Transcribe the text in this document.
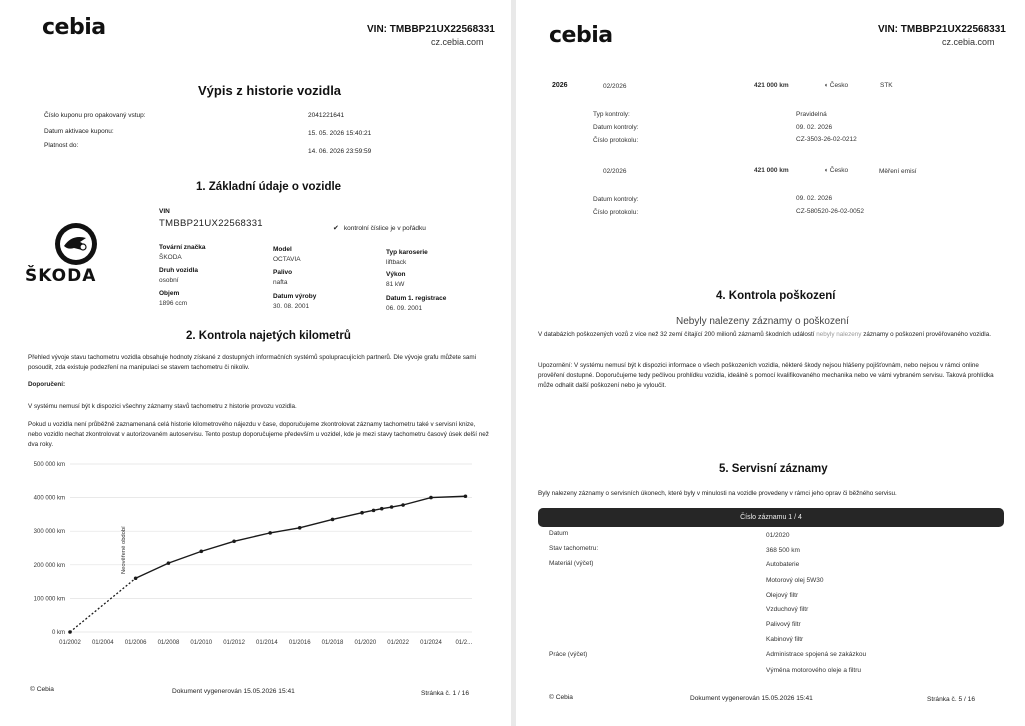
cebia	VIN: TMBBP21UX22568331
cz.cebia.com
Výpis z historie vozidla
Číslo kuponu pro opakovaný vstup:	2041221641
Datum aktivace kuponu:	15. 05. 2026 15:40:21
Platnost do:
14. 06. 2026 23:59:59
1. Základní údaje o vozidle
ŠKODA
VIN
TMBBP21UX22568331	✔ kontrolní číslice je v pořádku
Tovární značka
ŠKODA
Model
OCTAVIA
Typ karoserie
liftback
Druh vozidla
osobní
Palivo
nafta
Výkon
81 kW
Objem
1896 ccm
Datum výroby
30. 08. 2001
Datum 1. registrace
06. 09. 2001
2. Kontrola najetých kilometrů
Přehled vývoje stavu tachometru vozidla obsahuje hodnoty získané z dostupných informačních systémů spolupracujících partnerů. Dle vývoje grafu můžete sami posoudit, zda existuje podezření na manipulaci se stavem tachometru či nikoliv.
Doporučení:
V systému nemusí být k dispozici všechny záznamy stavů tachometru z historie provozu vozidla.
Pokud u vozidla není průběžně zaznamenaná celá historie kilometrového nájezdu v čase, doporučujeme zkontrolovat záznamy tachometru také v servisní knize, nebo vozidlo nechat zkontrolovat v autorizovaném autoservisu. Tento postup doporučujeme především u vozidel, kde je mezi stavy tachometru časový úsek delší než dva roky.
0 km
100 000 km
200 000 km
300 000 km
400 000 km
500 000 km
01/2002 01/2004 01/2006 01/2008 01/2010 01/2012 01/2014 01/2016 01/2018 01/2020 01/2022 01/2024 01/2...
Neověřené období
© Cebia	Dokument vygenerován 15.05.2026 15:41	Stránka č. 1 / 16
cebia	VIN: TMBBP21UX22568331
cz.cebia.com
2026	02/2026	421 000 km	◖ Česko	STK
Typ kontroly:	Pravidelná
Datum kontroly:	09. 02. 2026
Číslo protokolu:	CZ-3503-26-02-0212
02/2026	421 000 km	◖ Česko	Měření emisí
Datum kontroly:	09. 02. 2026
Číslo protokolu:	CZ-580520-26-02-0052
4. Kontrola poškození
Nebyly nalezeny záznamy o poškození
V databázích poškozených vozů z více než 32 zemí čítající 200 milionů záznamů škodních událostí nebyly nalezeny záznamy o poškození prověřovaného vozidla.
Upozornění: V systému nemusí být k dispozici informace o všech poškozeních vozidla, některé škody nejsou hlášeny pojišťovnám, nebo nejsou v rámci online prověření dostupné. Doporučujeme tedy pečlivou prohlídku vozidla, ideálně s pomocí kvalifikovaného mechanika nebo ve vámi vybraném servisu. Taková prohlídka může odhalit další poškození nebo je vyloučit.
5. Servisní záznamy
Byly nalezeny záznamy o servisních úkonech, které byly v minulosti na vozidle provedeny v rámci jeho oprav či běžného servisu.
Číslo záznamu 1 / 4
Datum	01/2020
Stav tachometru:	368 500 km
Materiál (výčet)	Autobaterie
Motorový olej 5W30
Olejový filtr
Vzduchový filtr
Palivový filtr
Kabinový filtr
Práce (výčet)	Administrace spojená se zakázkou
Výměna motorového oleje a filtru
© Cebia	Dokument vygenerován 15.05.2026 15:41	Stránka č. 5 / 16
